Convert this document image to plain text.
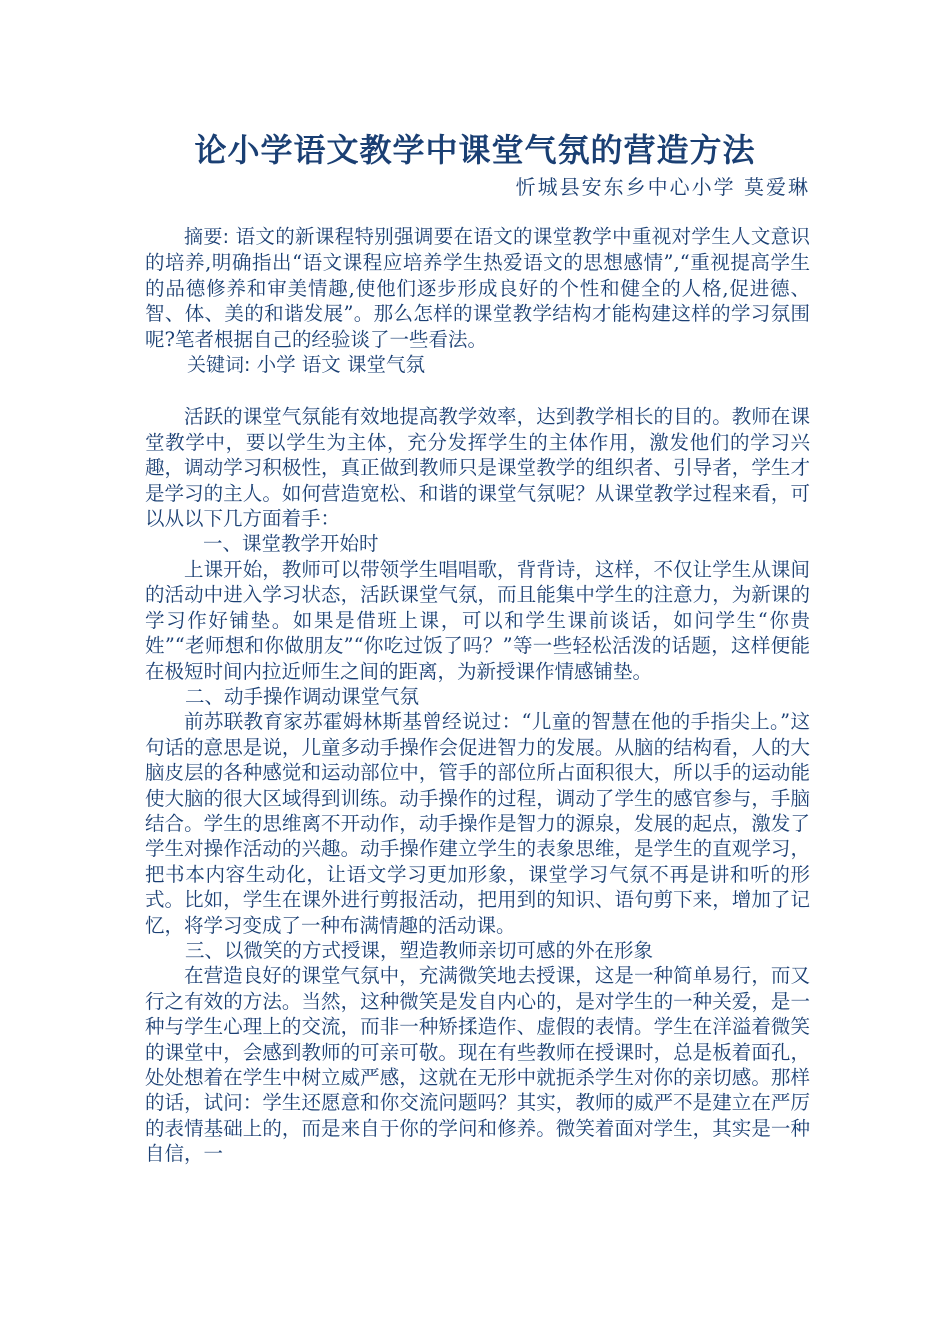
论小学语文教学中课堂气氛的营造方法
忻城县安东乡中心小学 莫爱琳

摘要: 语文的新课程特别强调要在语文的课堂教学中重视对学生人文意识的培养,明确指出“语文课程应培养学生热爱语文的思想感情”,“重视提高学生的品德修养和审美情趣,使他们逐步形成良好的个性和健全的人格,促进德、智、体、美的和谐发展”。那么怎样的课堂教学结构才能构建这样的学习氛围呢?笔者根据自己的经验谈了一些看法。

关键词: 小学 语文 课堂气氛

活跃的课堂气氛能有效地提高教学效率，达到教学相长的目的。教师在课堂教学中，要以学生为主体，充分发挥学生的主体作用，激发他们的学习兴趣，调动学习积极性，真正做到教师只是课堂教学的组织者、引导者，学生才是学习的主人。如何营造宽松、和谐的课堂气氛呢？从课堂教学过程来看，可以从以下几方面着手：

一、课堂教学开始时

上课开始，教师可以带领学生唱唱歌，背背诗，这样，不仅让学生从课间的活动中进入学习状态，活跃课堂气氛，而且能集中学生的注意力，为新课的学习作好铺垫。如果是借班上课，可以和学生课前谈话，如问学生“你贵姓”“老师想和你做朋友”“你吃过饭了吗？”等一些轻松活泼的话题，这样便能在极短时间内拉近师生之间的距离，为新授课作情感铺垫。

二、动手操作调动课堂气氛

前苏联教育家苏霍姆林斯基曾经说过：“儿童的智慧在他的手指尖上。”这句话的意思是说，儿童多动手操作会促进智力的发展。从脑的结构看，人的大脑皮层的各种感觉和运动部位中，管手的部位所占面积很大，所以手的运动能使大脑的很大区域得到训练。动手操作的过程，调动了学生的感官参与，手脑结合。学生的思维离不开动作，动手操作是智力的源泉，发展的起点，激发了学生对操作活动的兴趣。动手操作建立学生的表象思维，是学生的直观学习，把书本内容生动化，让语文学习更加形象，课堂学习气氛不再是讲和听的形式。比如，学生在课外进行剪报活动，把用到的知识、语句剪下来，增加了记忆，将学习变成了一种布满情趣的活动课。

三、以微笑的方式授课，塑造教师亲切可感的外在形象

在营造良好的课堂气氛中，充满微笑地去授课，这是一种简单易行，而又行之有效的方法。当然，这种微笑是发自内心的，是对学生的一种关爱，是一种与学生心理上的交流，而非一种矫揉造作、虚假的表情。学生在洋溢着微笑的课堂中，会感到教师的可亲可敬。现在有些教师在授课时，总是板着面孔，处处想着在学生中树立威严感，这就在无形中就扼杀学生对你的亲切感。那样的话，试问：学生还愿意和你交流问题吗？其实，教师的威严不是建立在严厉的表情基础上的，而是来自于你的学问和修养。微笑着面对学生，其实是一种自信，一
